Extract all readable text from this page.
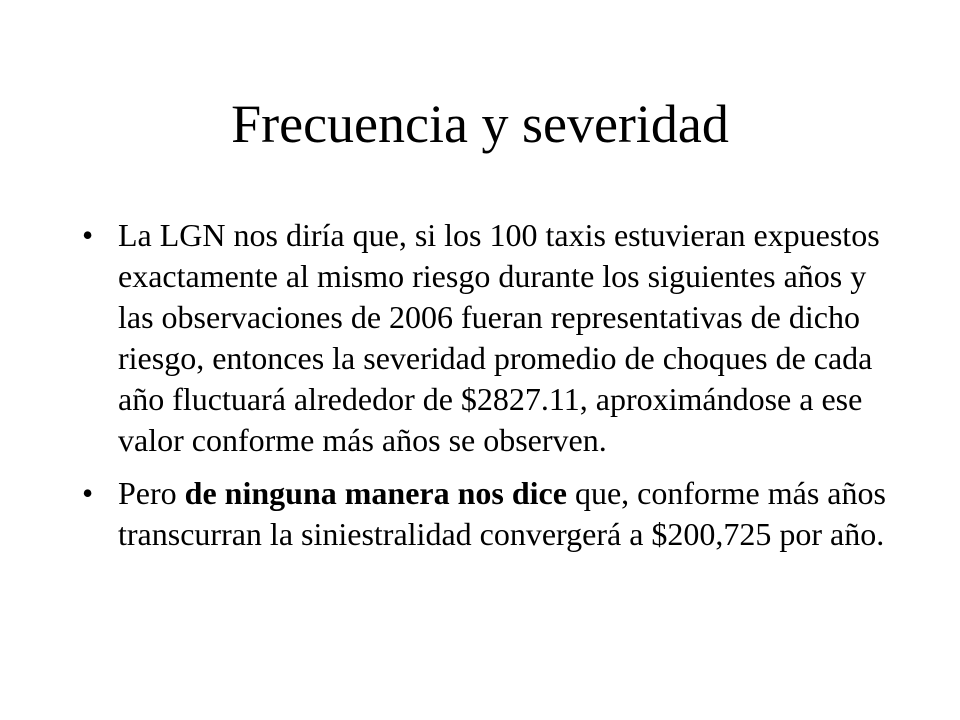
Frecuencia y severidad
• La LGN nos diría que, si los 100 taxis estuvieran expuestos exactamente al mismo riesgo durante los siguientes años y las observaciones de 2006 fueran representativas de dicho riesgo, entonces la severidad promedio de choques de cada año fluctuará alrededor de $2827.11, aproximándose a ese valor conforme más años se observen.
• Pero de ninguna manera nos dice que, conforme más años transcurran la siniestralidad convergerá a $200,725 por año.
